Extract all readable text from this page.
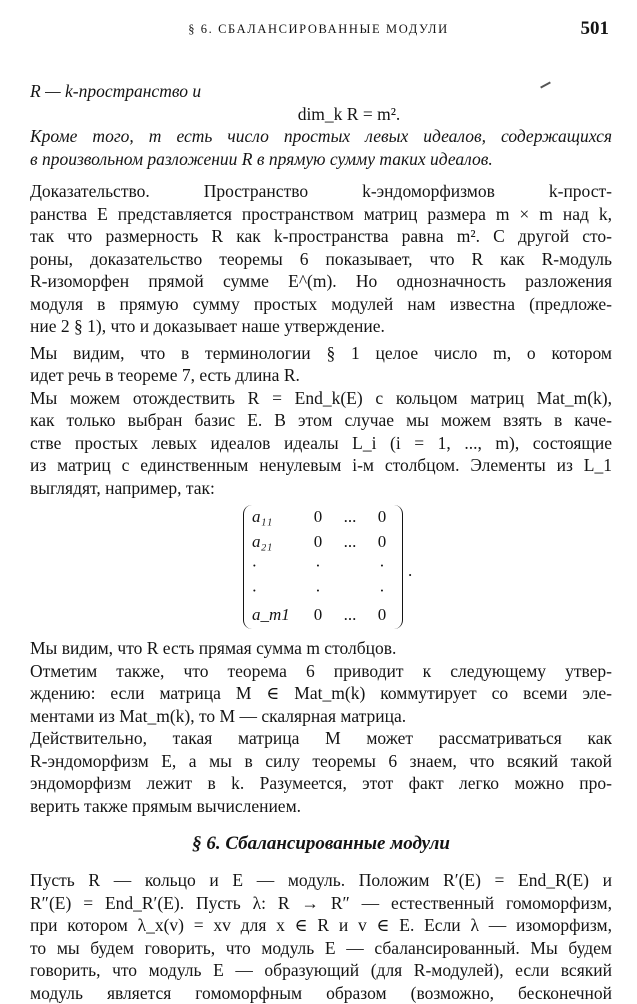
§ 6. СБАЛАНСИРОВАННЫЕ МОДУЛИ	501
R — k-пространство и
dim_k R = m².
Кроме того, m есть число простых левых идеалов, содержащихся
в произвольном разложении R в прямую сумму таких идеалов.
Доказательство. Пространство k-эндоморфизмов k-прост-
ранства E представляется пространством матриц размера m × m над k,
так что размерность R как k-пространства равна m². С другой сто-
роны, доказательство теоремы 6 показывает, что R как R-модуль
R-изоморфен прямой сумме E^(m). Но однозначность разложения
модуля в прямую сумму простых модулей нам известна (предложе-
ние 2 § 1), что и доказывает наше утверждение.
Мы видим, что в терминологии § 1 целое число m, о котором
идет речь в теореме 7, есть длина R.
Мы можем отождествить R = End_k(E) с кольцом матриц Mat_m(k),
как только выбран базис E. В этом случае мы можем взять в каче-
стве простых левых идеалов идеалы L_i (i = 1, ..., m), состоящие
из матриц с единственным ненулевым i-м столбцом. Элементы из L_1
выглядят, например, так:
a₁₁	0	...	0
a₂₁	0	...	0
·	·	·
·	·	·
a_m1	0	...	0
.
Мы видим, что R есть прямая сумма m столбцов.
Отметим также, что теорема 6 приводит к следующему утвер-
ждению: если матрица M ∈ Mat_m(k) коммутирует со всеми эле-
ментами из Mat_m(k), то M — скалярная матрица.
Действительно, такая матрица M может рассматриваться как
R-эндоморфизм E, а мы в силу теоремы 6 знаем, что всякий такой
эндоморфизм лежит в k. Разумеется, этот факт легко можно про-
верить также прямым вычислением.
§ 6. Сбалансированные модули
Пусть R — кольцо и E — модуль. Положим R′(E) = End_R(E) и
R″(E) = End_R′(E). Пусть λ: R → R″ — естественный гомоморфизм,
при котором λ_x(v) = xv для x ∈ R и v ∈ E. Если λ — изоморфизм,
то мы будем говорить, что модуль E — сбалансированный. Мы будем
говорить, что модуль E — образующий (для R-модулей), если всякий
модуль является гомоморфным образом (возможно, бесконечной
